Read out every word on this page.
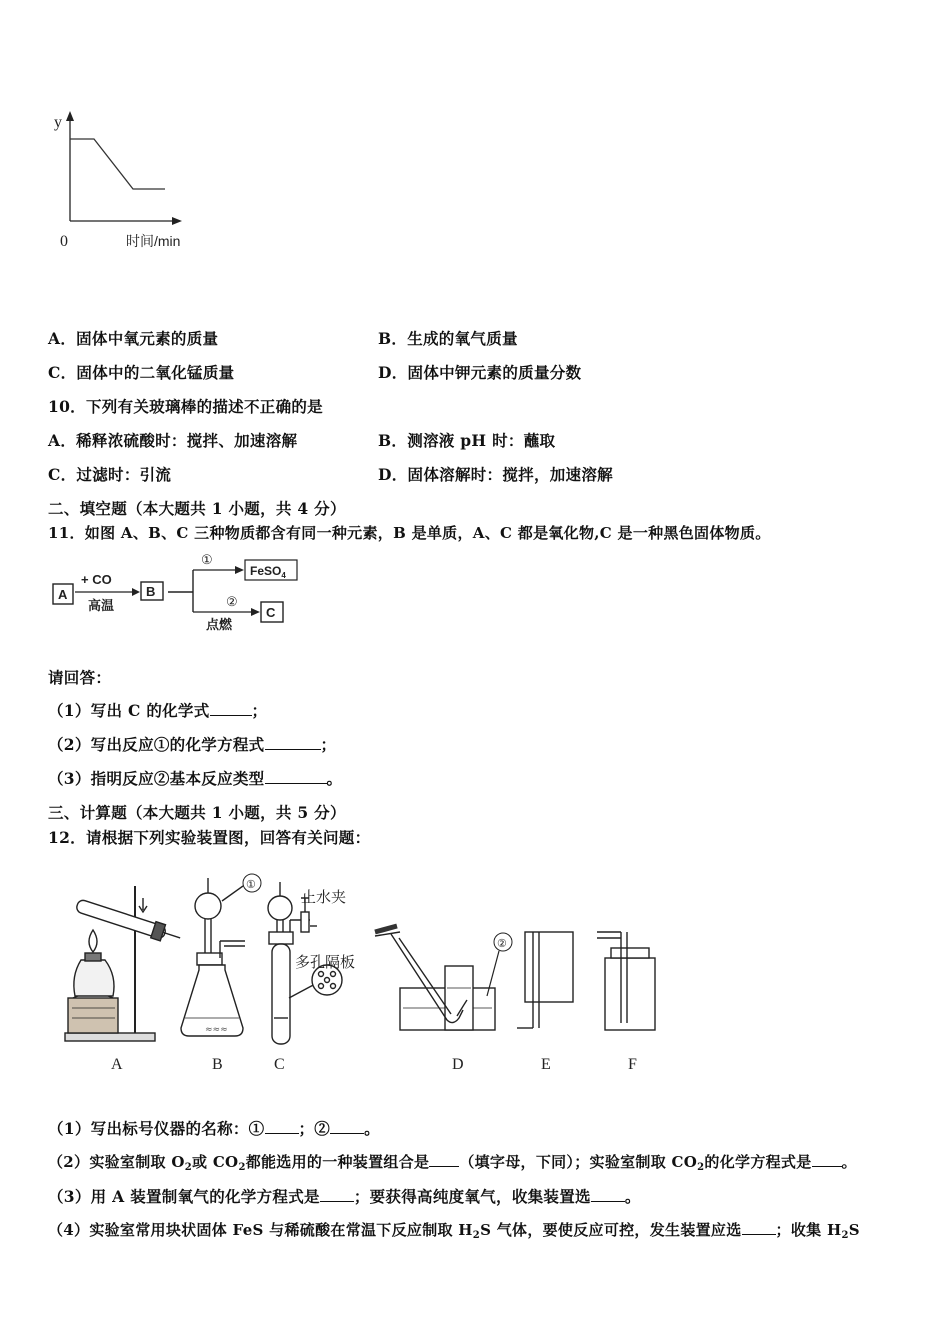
y
0	时间/min
A．固体中氧元素的质量	B．生成的氧气质量
C．固体中的二氧化锰质量	D．固体中钾元素的质量分数
10．下列有关玻璃棒的描述不正确的是
A．稀释浓硫酸时：搅拌、加速溶解	B．测溶液 pH 时：蘸取
C．过滤时：引流	D．固体溶解时：搅拌，加速溶解
二、填空题（本大题共 1 小题，共 4 分）
11．如图 A、B、C 三种物质都含有同一种元素，B 是单质，A、C 都是氧化物,C 是一种黑色固体物质。
A
+ CO
高温
B
①
FeSO$_4$
②
点燃
C
请回答：
（1）写出 C 的化学式	；
（2）写出反应①的化学方程式	；
（3）指明反应②基本反应类型	。
三、计算题（本大题共 1 小题，共 5 分）
12．请根据下列实验装置图，回答有关问题：
A
≈≈≈
①
B
止水夹
多孔隔板
C
②
D	E	F
（1）写出标号仪器的名称：① ；② 。
（2）实验室制取 $O_2$或 $CO_2$都能选用的一种装置组合是 （填字母，下同）；实验室制取 $CO_2$的化学方程式是 。
（3）用 A 装置制氧气的化学方程式是 ；要获得高纯度氧气，收集装置选 。
（4）实验室常用块状固体 FeS 与稀硫酸在常温下反应制取 $H_2S$ 气体，要使反应可控，发生装置应选 ；收集 $H_2S$
